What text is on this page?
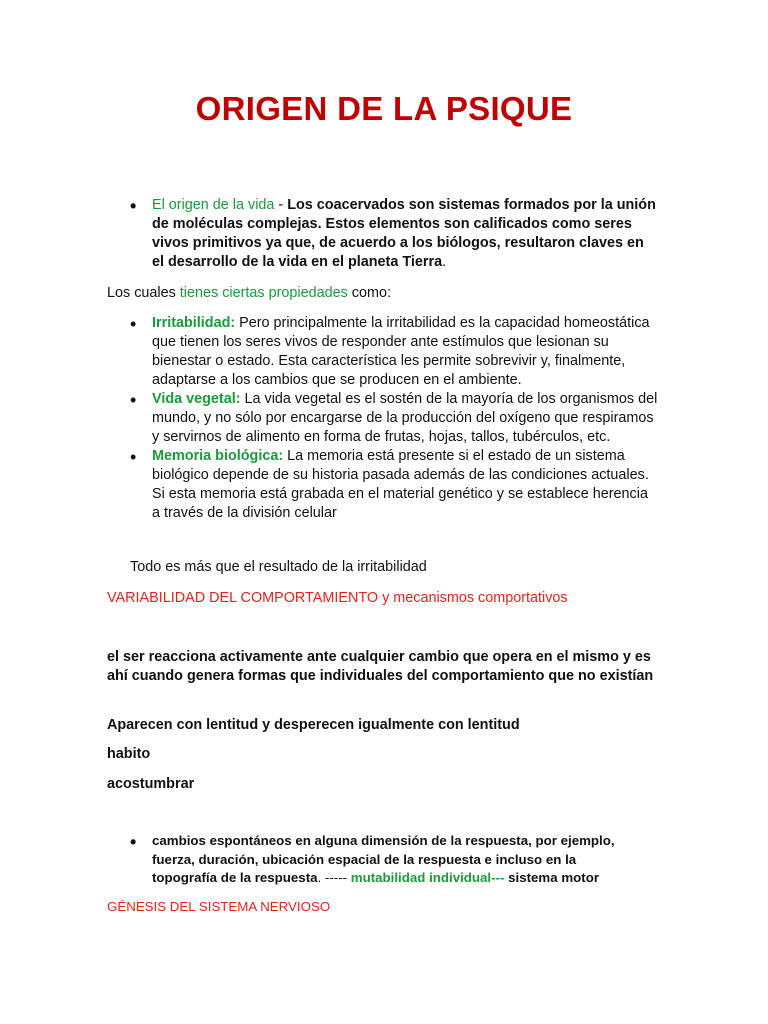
ORIGEN DE LA PSIQUE
• El origen de la vida - Los coacervados son sistemas formados por la unión de moléculas complejas. Estos elementos son calificados como seres vivos primitivos ya que, de acuerdo a los biólogos, resultaron claves en el desarrollo de la vida en el planeta Tierra.
Los cuales tienes ciertas propiedades como:
• Irritabilidad: Pero principalmente la irritabilidad es la capacidad homeostática que tienen los seres vivos de responder ante estímulos que lesionan su bienestar o estado. Esta característica les permite sobrevivir y, finalmente, adaptarse a los cambios que se producen en el ambiente.
• Vida vegetal: La vida vegetal es el sostén de la mayoría de los organismos del mundo, y no sólo por encargarse de la producción del oxígeno que respiramos y servirnos de alimento en forma de frutas, hojas, tallos, tubérculos, etc.
• Memoria biológica: La memoria está presente si el estado de un sistema biológico depende de su historia pasada además de las condiciones actuales. Si esta memoria está grabada en el material genético y se establece herencia a través de la división celular
Todo es más que el resultado de la irritabilidad
VARIABILIDAD DEL COMPORTAMIENTO y mecanismos comportativos
el ser reacciona activamente ante cualquier cambio que opera en el mismo y es ahí cuando genera formas que individuales del comportamiento que no existían
Aparecen con lentitud y desperecen igualmente con lentitud
habito
acostumbrar
• cambios espontáneos en alguna dimensión de la respuesta, por ejemplo, fuerza, duración, ubicación espacial de la respuesta e incluso en la topografía de la respuesta. ----- mutabilidad individual--- sistema motor
GÉNESIS DEL SISTEMA NERVIOSO
